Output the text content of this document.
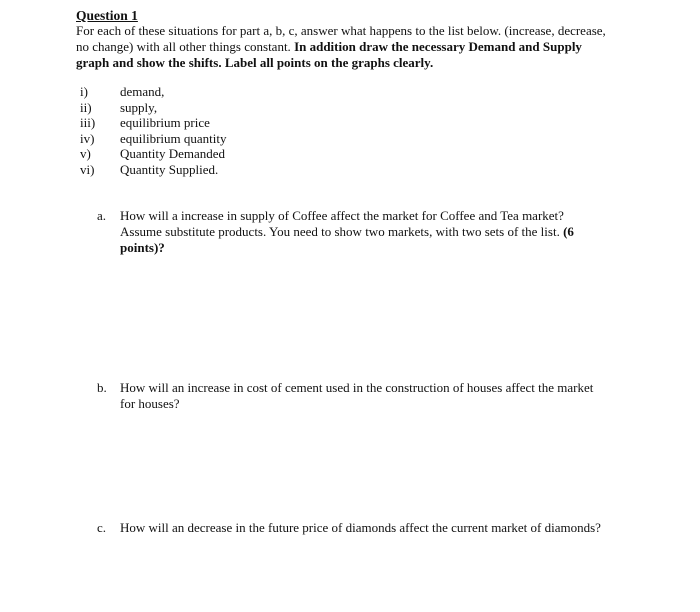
Question 1
For each of these situations for part a, b, c, answer what happens to the list below. (increase, decrease, no change) with all other things constant. In addition draw the necessary Demand and Supply graph and show the shifts. Label all points on the graphs clearly.
i) demand,
ii) supply,
iii) equilibrium price
iv) equilibrium quantity
v) Quantity Demanded
vi) Quantity Supplied.
a. How will a increase in supply of Coffee affect the market for Coffee and Tea market? Assume substitute products. You need to show two markets, with two sets of the list. (6 points)?
b. How will an increase in cost of cement used in the construction of houses affect the market for houses?
c. How will an decrease in the future price of diamonds affect the current market of diamonds?
